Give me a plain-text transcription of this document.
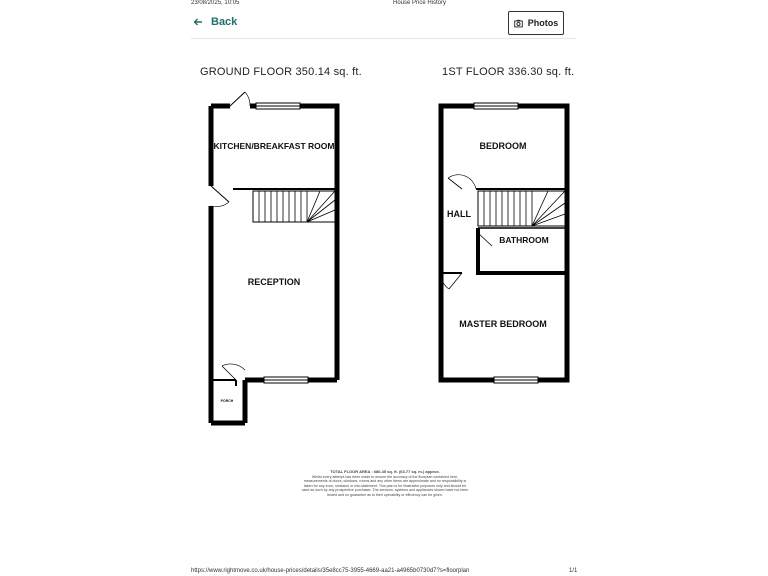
23/08/2025, 10:05	House Price History
Back	Photos
GROUND FLOOR 350.14 sq. ft.	1ST FLOOR 336.30 sq. ft.
KITCHEN/BREAKFAST ROOM
RECEPTION
PORCH
BEDROOM
HALL
BATHROOM
MASTER BEDROOM
TOTAL FLOOR AREA : 686.45 sq. ft. (63.77 sq. m.) approx.
Whilst every attempt has been made to ensure the accuracy of the floorplan contained here, measurements of doors, windows, rooms and any other items are approximate and no responsibility is taken for any error, omission or mis-statement. This plan is for illustrative purposes only and should be used as such by any prospective purchaser. The services, systems and appliances shown have not been tested and no guarantee as to their operability or efficiency can be given.
https://www.rightmove.co.uk/house-prices/details/35e8cc75-3955-4669-aa21-a4965b0730d7?s=floorplan	1/1
